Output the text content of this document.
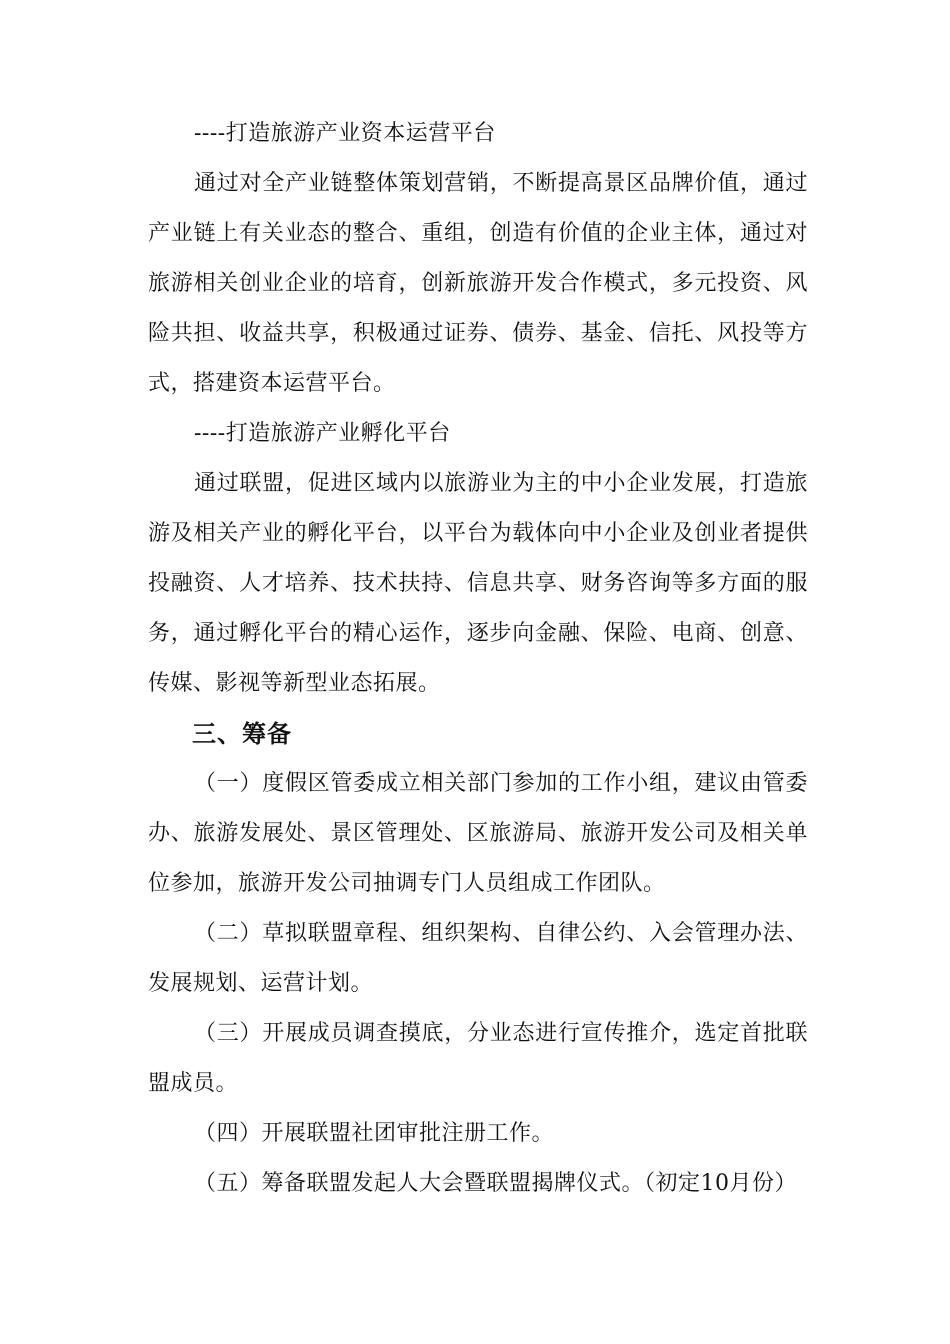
----打造旅游产业资本运营平台
通过对全产业链整体策划营销，不断提高景区品牌价值，通过产业链上有关业态的整合、重组，创造有价值的企业主体，通过对旅游相关创业企业的培育，创新旅游开发合作模式，多元投资、风险共担、收益共享，积极通过证券、债券、基金、信托、风投等方式，搭建资本运营平台。
----打造旅游产业孵化平台
通过联盟，促进区域内以旅游业为主的中小企业发展，打造旅游及相关产业的孵化平台，以平台为载体向中小企业及创业者提供投融资、人才培养、技术扶持、信息共享、财务咨询等多方面的服务，通过孵化平台的精心运作，逐步向金融、保险、电商、创意、传媒、影视等新型业态拓展。
三、筹备
（一）度假区管委成立相关部门参加的工作小组，建议由管委办、旅游发展处、景区管理处、区旅游局、旅游开发公司及相关单位参加，旅游开发公司抽调专门人员组成工作团队。
（二）草拟联盟章程、组织架构、自律公约、入会管理办法、发展规划、运营计划。
（三）开展成员调查摸底，分业态进行宣传推介，选定首批联盟成员。
（四）开展联盟社团审批注册工作。
（五）筹备联盟发起人大会暨联盟揭牌仪式。（初定10月份）
